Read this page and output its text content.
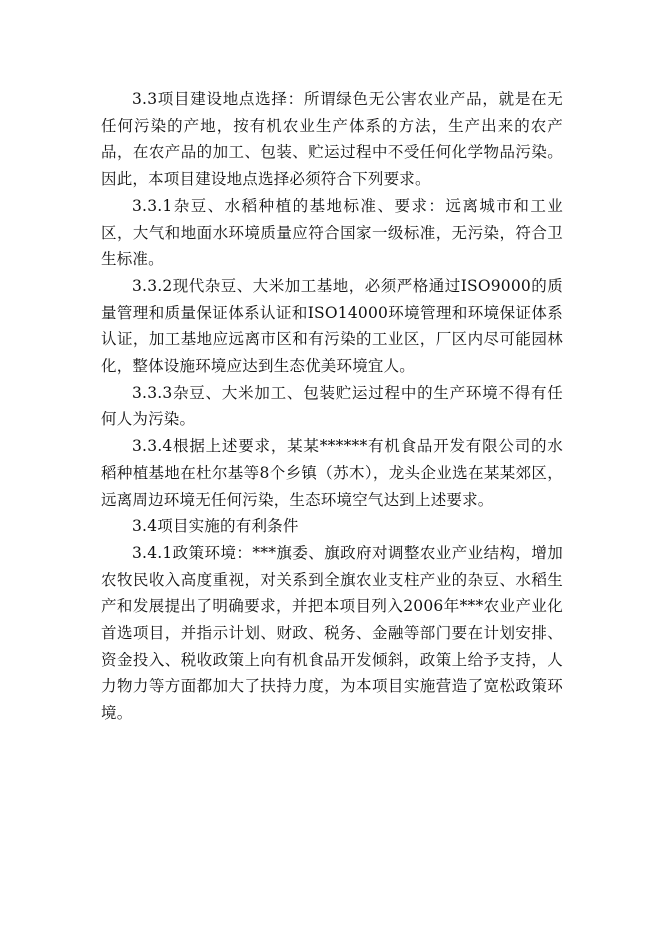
3.3项目建设地点选择：所谓绿色无公害农业产品，就是在无任何污染的产地，按有机农业生产体系的方法，生产出来的农产品，在农产品的加工、包装、贮运过程中不受任何化学物品污染。因此，本项目建设地点选择必须符合下列要求。

3.3.1杂豆、水稻种植的基地标准、要求：远离城市和工业区，大气和地面水环境质量应符合国家一级标准，无污染，符合卫生标准。

3.3.2现代杂豆、大米加工基地，必须严格通过ISO9000的质量管理和质量保证体系认证和ISO14000环境管理和环境保证体系认证，加工基地应远离市区和有污染的工业区，厂区内尽可能园林化，整体设施环境应达到生态优美环境宜人。

3.3.3杂豆、大米加工、包装贮运过程中的生产环境不得有任何人为污染。

3.3.4根据上述要求，某某******有机食品开发有限公司的水稻种植基地在杜尔基等8个乡镇（苏木），龙头企业选在某某郊区，远离周边环境无任何污染，生态环境空气达到上述要求。

3.4项目实施的有利条件

3.4.1政策环境：***旗委、旗政府对调整农业产业结构，增加农牧民收入高度重视，对关系到全旗农业支柱产业的杂豆、水稻生产和发展提出了明确要求，并把本项目列入2006年***农业产业化首选项目，并指示计划、财政、税务、金融等部门要在计划安排、资金投入、税收政策上向有机食品开发倾斜，政策上给予支持，人力物力等方面都加大了扶持力度，为本项目实施营造了宽松政策环境。
